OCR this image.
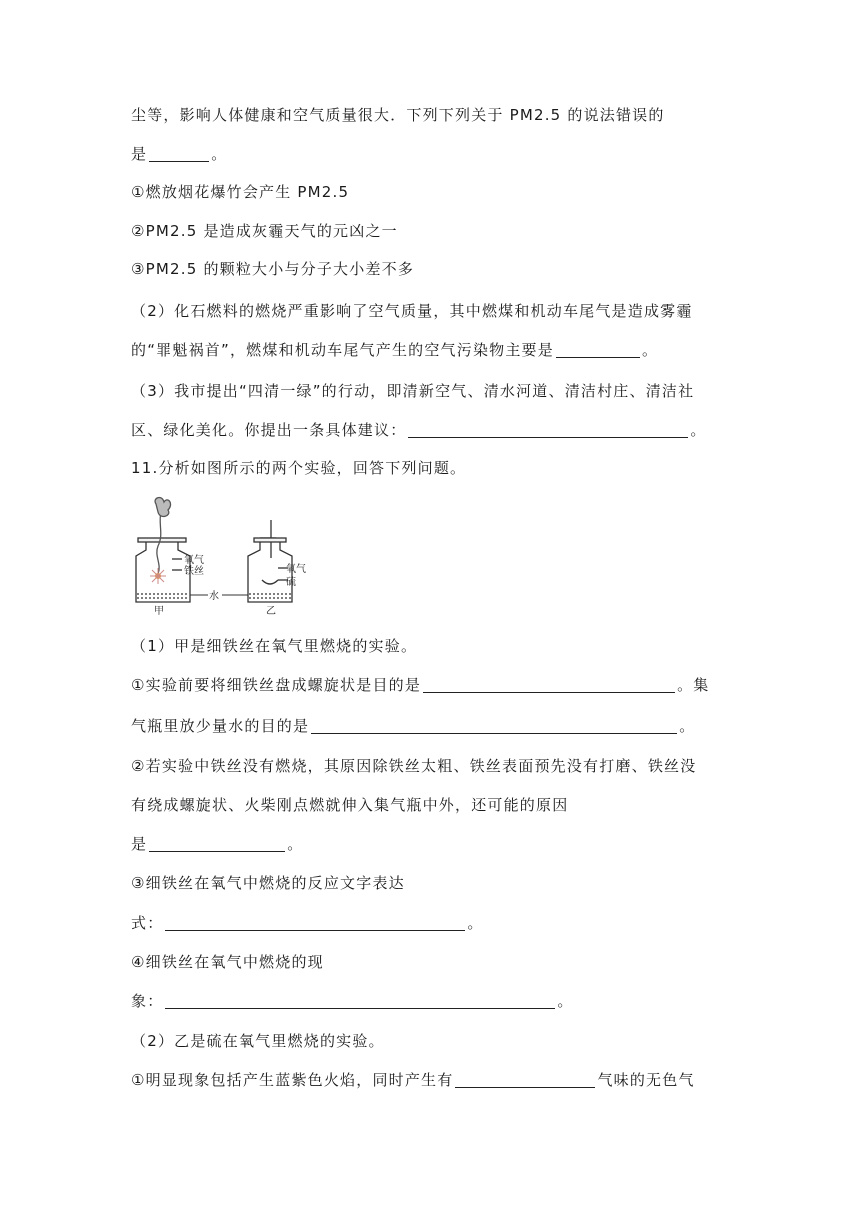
尘等，影响人体健康和空气质量很大．下列下列关于 PM2.5 的说法错误的
是	。
①燃放烟花爆竹会产生 PM2.5
②PM2.5 是造成灰霾天气的元凶之一
③PM2.5 的颗粒大小与分子大小差不多
（2）化石燃料的燃烧严重影响了空气质量，其中燃煤和机动车尾气是造成雾霾
的“罪魁祸首”，燃煤和机动车尾气产生的空气污染物主要是	。
（3）我市提出“四清一绿”的行动，即清新空气、清水河道、清洁村庄、清洁社
区、绿化美化。你提出一条具体建议：	。
11.分析如图所示的两个实验，回答下列问题。
氧气
铁丝	氧气
硫
水
甲	乙
（1）甲是细铁丝在氧气里燃烧的实验。
①实验前要将细铁丝盘成螺旋状是目的是	。集
气瓶里放少量水的目的是	。
②若实验中铁丝没有燃烧，其原因除铁丝太粗、铁丝表面预先没有打磨、铁丝没
有绕成螺旋状、火柴刚点燃就伸入集气瓶中外，还可能的原因
是	。
③细铁丝在氧气中燃烧的反应文字表达
式：	。
④细铁丝在氧气中燃烧的现
象：	。
（2）乙是硫在氧气里燃烧的实验。
①明显现象包括产生蓝紫色火焰，同时产生有	气味的无色气
